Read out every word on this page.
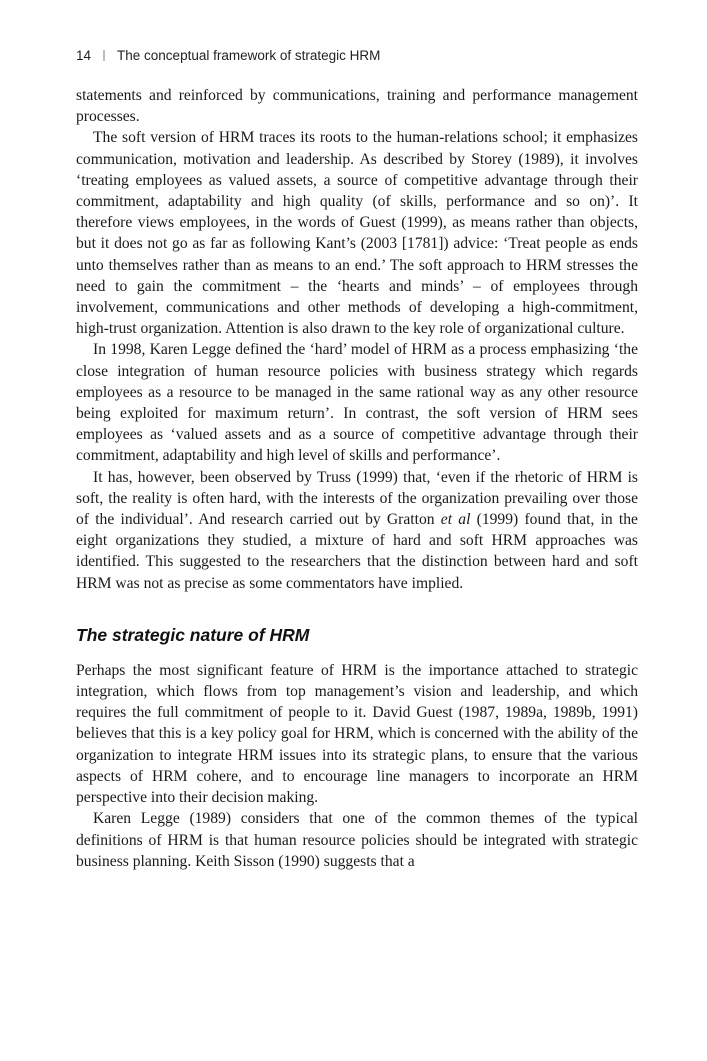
14 The conceptual framework of strategic HRM

statements and reinforced by communications, training and performance management processes.

The soft version of HRM traces its roots to the human-relations school; it emphasizes communication, motivation and leadership. As described by Storey (1989), it involves ‘treating employees as valued assets, a source of competitive advantage through their commitment, adaptability and high quality (of skills, performance and so on)’. It therefore views employees, in the words of Guest (1999), as means rather than objects, but it does not go as far as following Kant’s (2003 [1781]) advice: ‘Treat people as ends unto themselves rather than as means to an end.’ The soft approach to HRM stresses the need to gain the commitment – the ‘hearts and minds’ – of employees through involvement, communications and other methods of developing a high-commitment, high-trust organization. Attention is also drawn to the key role of organizational culture.

In 1998, Karen Legge defined the ‘hard’ model of HRM as a process emphasizing ‘the close integration of human resource policies with business strategy which regards employees as a resource to be managed in the same rational way as any other resource being exploited for maximum return’. In contrast, the soft version of HRM sees employees as ‘valued assets and as a source of competitive advantage through their commitment, adaptability and high level of skills and performance’.

It has, however, been observed by Truss (1999) that, ‘even if the rhetoric of HRM is soft, the reality is often hard, with the interests of the organization prevailing over those of the individual’. And research carried out by Gratton et al (1999) found that, in the eight organizations they studied, a mixture of hard and soft HRM approaches was identified. This suggested to the researchers that the distinction between hard and soft HRM was not as precise as some commentators have implied.

The strategic nature of HRM

Perhaps the most significant feature of HRM is the importance attached to strategic integration, which flows from top management’s vision and leadership, and which requires the full commitment of people to it. David Guest (1987, 1989a, 1989b, 1991) believes that this is a key policy goal for HRM, which is concerned with the ability of the organization to integrate HRM issues into its strategic plans, to ensure that the various aspects of HRM cohere, and to encourage line managers to incorporate an HRM perspective into their decision making.

Karen Legge (1989) considers that one of the common themes of the typical definitions of HRM is that human resource policies should be integrated with strategic business planning. Keith Sisson (1990) suggests that a
